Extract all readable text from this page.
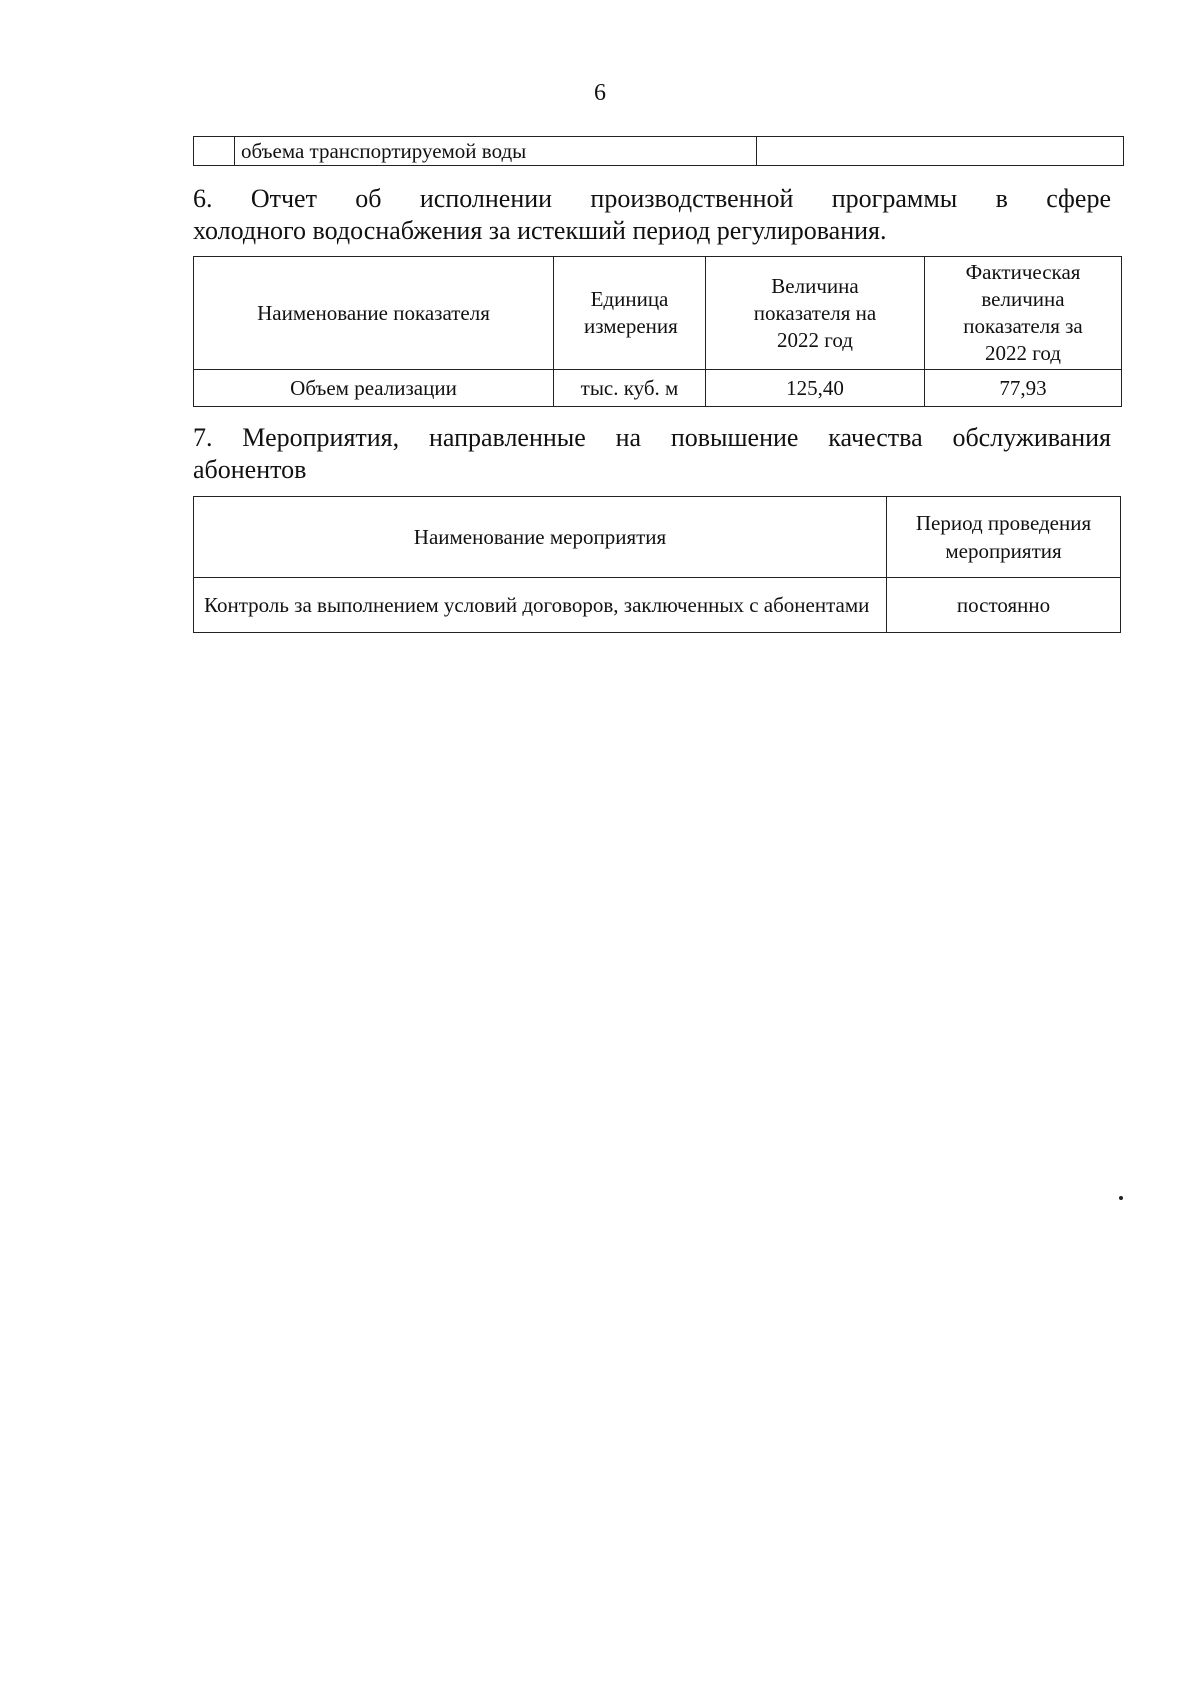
6
	объема транспортируемой воды	
6. Отчет об исполнении производственной программы в сфере
холодного водоснабжения за истекший период регулирования.
Наименование показателя	Единица измерения	Величина показателя на 2022 год	Фактическая величина показателя за 2022 год
Объем реализации	тыс. куб. м	125,40	77,93
7. Мероприятия, направленные на повышение качества обслуживания
абонентов
Наименование мероприятия	Период проведения мероприятия
Контроль за выполнением условий договоров, заключенных с абонентами	постоянно
